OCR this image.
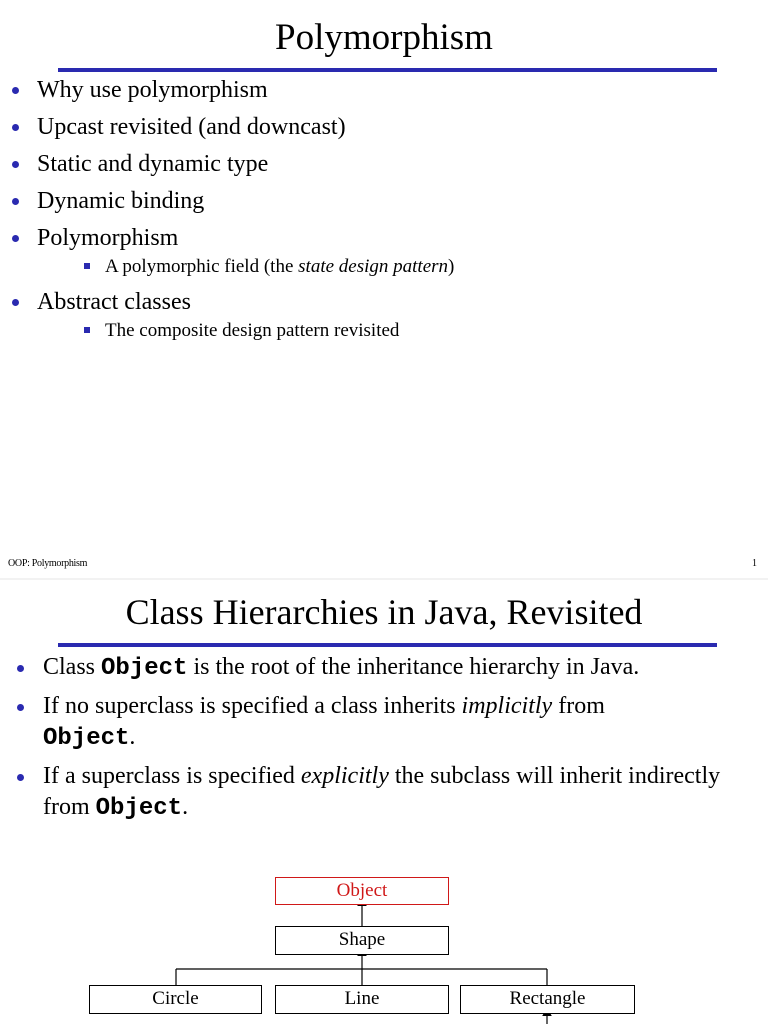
Polymorphism
Why use polymorphism
Upcast revisited (and downcast)
Static and dynamic type
Dynamic binding
Polymorphism
A polymorphic field (the state design pattern)
Abstract classes
The composite design pattern revisited
OOP: Polymorphism	1
Class Hierarchies in Java, Revisited
Class Object is the root of the inheritance hierarchy in Java.
If no superclass is specified a class inherits implicitly from
Object.
If a superclass is specified explicitly the subclass will inherit indirectly from Object.
Object
Shape
Circle	Line	Rectangle
